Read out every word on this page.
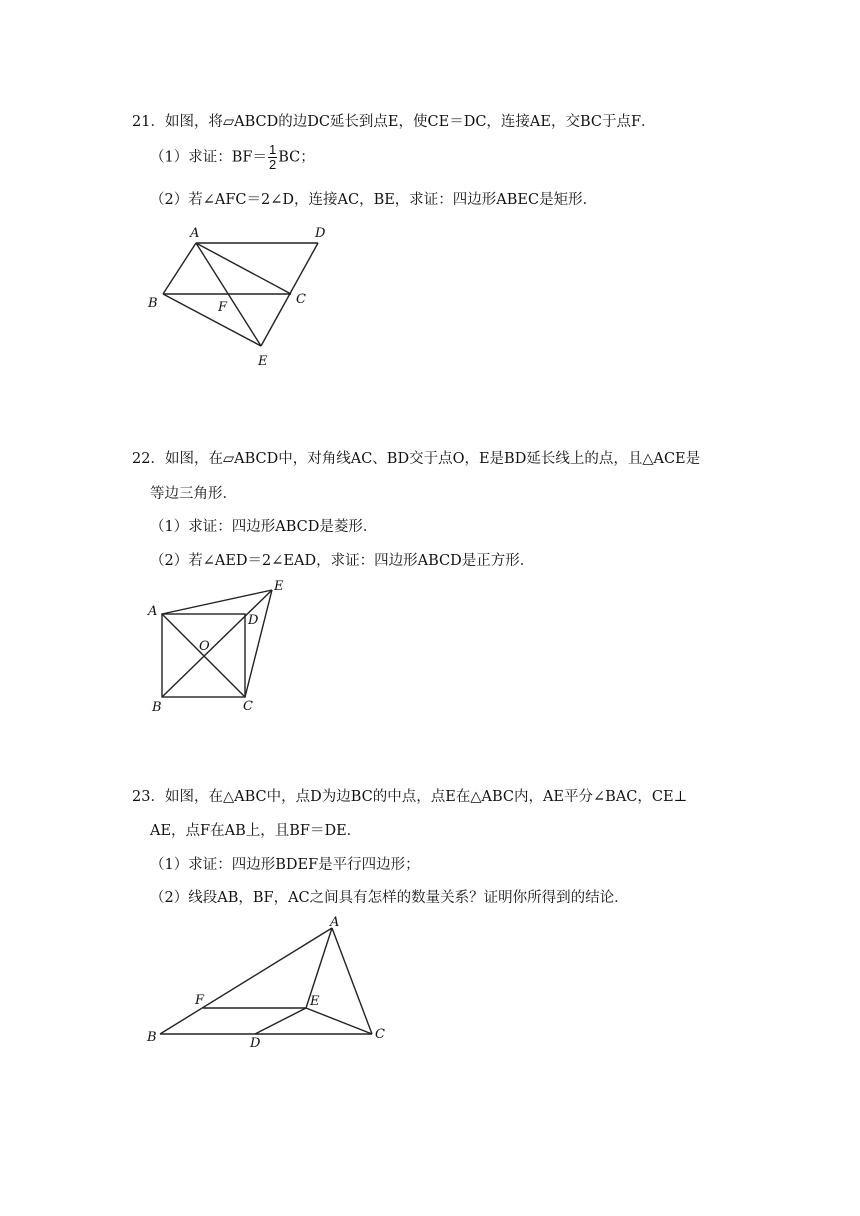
21．如图，将▱ABCD的边DC延长到点E，使CE＝DC，连接AE，交BC于点F．
（1）求证：$BF= \frac{1}{2}$ BC；
（2）若∠AFC＝2∠D，连接AC，BE，求证：四边形ABEC是矩形．
A	D
B	F
C
E
22．如图，在▱ABCD中，对角线AC、BD交于点O，E是BD延长线上的点，且△ACE是
等边三角形．
（1）求证：四边形ABCD是菱形．
（2）若∠AED＝2∠EAD，求证：四边形ABCD是正方形．
A
E
D
O
B	C
23．如图，在△ABC中，点D为边BC的中点，点E在△ABC内，AE平分∠BAC，CE⊥
AE，点F在AB上，且BF＝DE．
（1）求证：四边形BDEF是平行四边形；
（2）线段AB，BF，AC之间具有怎样的数量关系？证明你所得到的结论．
A
F	E
B	D
C
